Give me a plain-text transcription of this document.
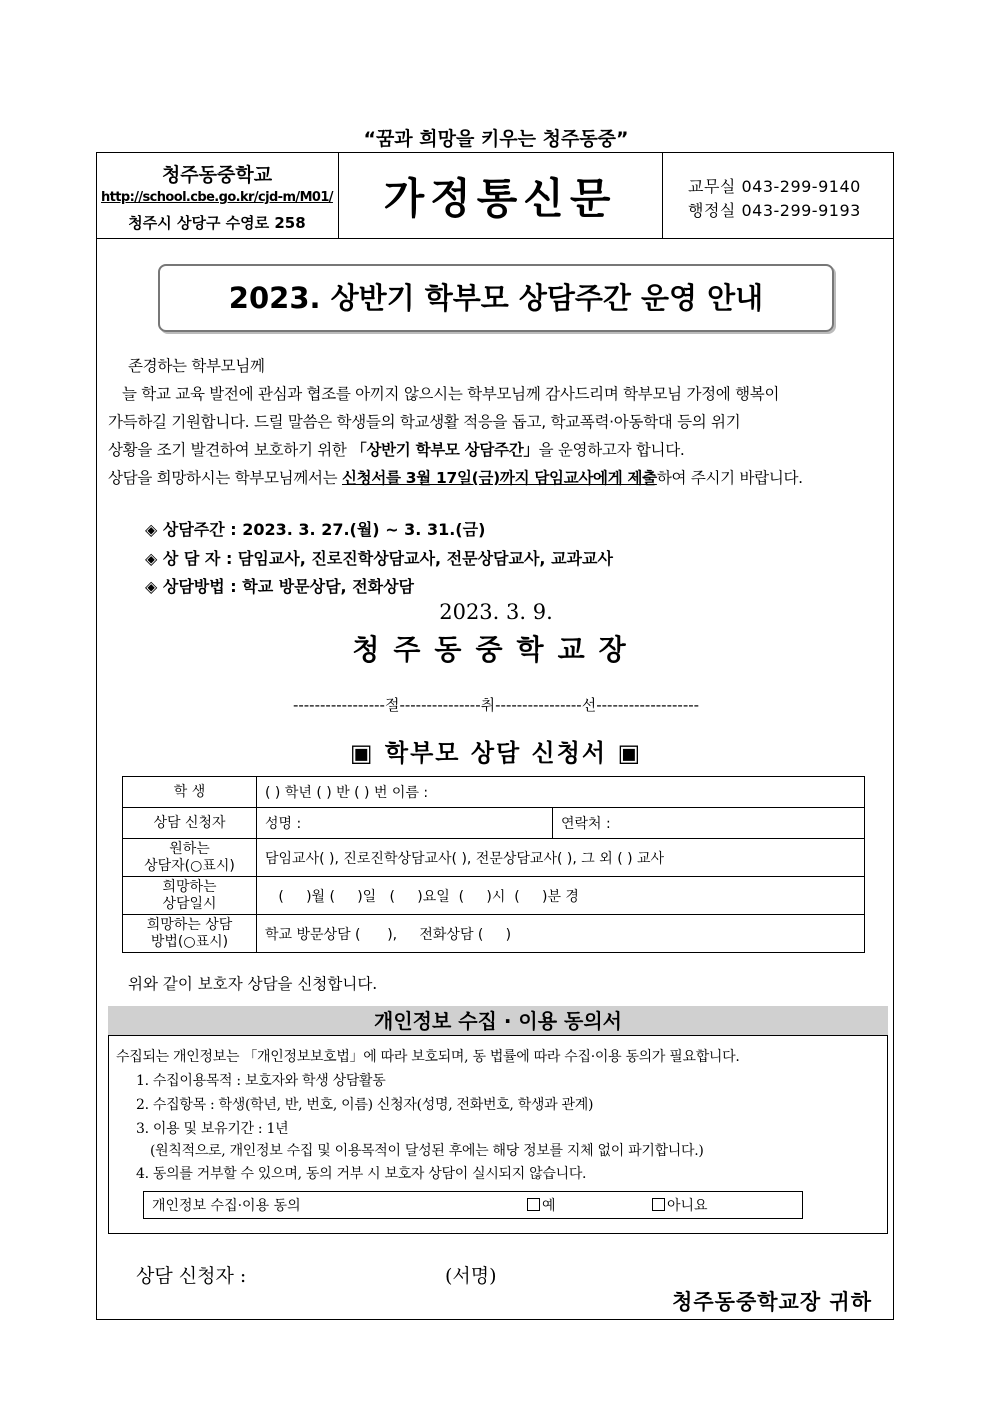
“꿈과 희망을 키우는 청주동중”
청주동중학교
http://school.cbe.go.kr/cjd-m/M01/
청주시 상당구 수영로 258	가정통신문	교무실 043-299-9140
행정실 043-299-9193
2023. 상반기 학부모 상담주간 운영 안내
존경하는 학부모님께
늘 학교 교육 발전에 관심과 협조를 아끼지 않으시는 학부모님께 감사드리며 학부모님 가정에 행복이
가득하길 기원합니다. 드릴 말씀은 학생들의 학교생활 적응을 돕고, 학교폭력·아동학대 등의 위기
상황을 조기 발견하여 보호하기 위한 「상반기 학부모 상담주간」을 운영하고자 합니다.
상담을 희망하시는 학부모님께서는 신청서를 3월 17일(금)까지 담임교사에게 제출하여 주시기 바랍니다.
◈ 상담주간 : 2023. 3. 27.(월) ~ 3. 31.(금)
◈ 상 담 자 : 담임교사, 진로진학상담교사, 전문상담교사, 교과교사
◈ 상담방법 : 학교 방문상담, 전화상담
2023. 3. 9.
청주동중학교장
-----------------절---------------취----------------선-------------------
▣ 학부모 상담 신청서 ▣
학 생	( ) 학년 ( ) 반 ( ) 번 이름 :	
상담 신청자	성명 :	연락처 :

원하는
상담자(○표시)	담임교사( ), 진로진학상담교사( ), 전문상담교사( ), 그 외 ( ) 교사	

희망하는
상담일시	(     )월 (     )일   (     )요일  (     )시  (     )분 경	

희망하는 상담
방법(○표시)	학교 방문상담 (      ),     전화상담 (     )	
위와 같이 보호자 상담을 신청합니다.
개인정보 수집 · 이용 동의서
수집되는 개인정보는 「개인정보보호법」에 따라 보호되며, 동 법률에 따라 수집·이용 동의가 필요합니다.
1. 수집이용목적 : 보호자와 학생 상담활동
2. 수집항목 : 학생(학년, 반, 번호, 이름) 신청자(성명, 전화번호, 학생과 관계)
3. 이용 및 보유기간 : 1년
(원칙적으로, 개인정보 수집 및 이용목적이 달성된 후에는 해당 정보를 지체 없이 파기합니다.)
4. 동의를 거부할 수 있으며, 동의 거부 시 보호자 상담이 실시되지 않습니다.
개인정보 수집·이용 동의	예	아니요
상담 신청자 :	(서명)
청주동중학교장 귀하
